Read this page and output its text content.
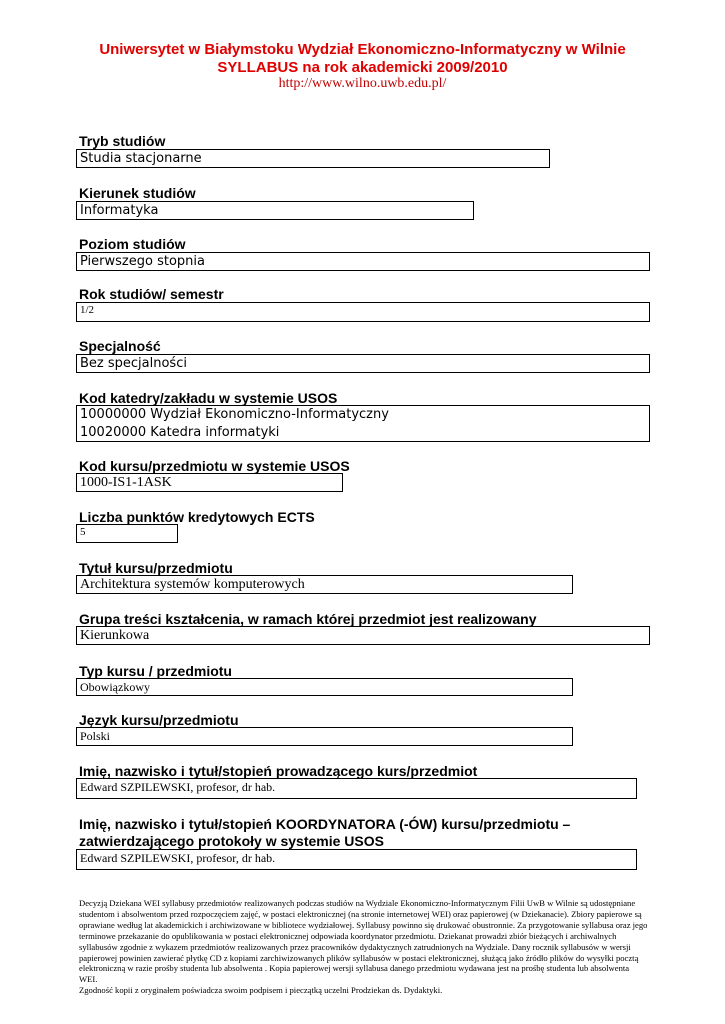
Uniwersytet w Białymstoku Wydział Ekonomiczno-Informatyczny w Wilnie
SYLLABUS na rok akademicki 2009/2010
http://www.wilno.uwb.edu.pl/
Tryb studiów
Studia stacjonarne
Kierunek studiów
Informatyka
Poziom studiów
Pierwszego stopnia
Rok studiów/ semestr
1/2
Specjalność
Bez specjalności
Kod katedry/zakładu w systemie USOS
10000000 Wydział Ekonomiczno-Informatyczny
10020000 Katedra informatyki
Kod kursu/przedmiotu w systemie USOS
1000-IS1-1ASK
Liczba punktów kredytowych ECTS
5
Tytuł kursu/przedmiotu
Architektura systemów komputerowych
Grupa treści kształcenia, w ramach której przedmiot jest realizowany
Kierunkowa
Typ kursu / przedmiotu
Obowiązkowy
Język kursu/przedmiotu
Polski
Imię, nazwisko i tytuł/stopień prowadzącego kurs/przedmiot
Edward SZPILEWSKI, profesor, dr hab.
Imię, nazwisko i tytuł/stopień KOORDYNATORA (-ÓW) kursu/przedmiotu –
zatwierdzającego protokoły w systemie USOS
Edward SZPILEWSKI, profesor, dr hab.
Decyzją Dziekana WEI syllabusy przedmiotów realizowanych podczas studiów na Wydziale Ekonomiczno-Informatycznym Filii UwB w Wilnie są udostępniane
studentom i absolwentom przed rozpoczęciem zajęć, w postaci elektronicznej (na stronie internetowej WEI) oraz papierowej (w Dziekanacie). Zbiory papierowe są
oprawiane według lat akademickich i archiwizowane w bibliotece wydziałowej. Syllabusy powinno się drukować obustronnie. Za przygotowanie syllabusa oraz jego
terminowe przekazanie do opublikowania w postaci elektronicznej odpowiada koordynator przedmiotu. Dziekanat prowadzi zbiór bieżących i archiwalnych
syllabusów zgodnie z wykazem przedmiotów realizowanych przez pracowników dydaktycznych zatrudnionych na Wydziale. Dany rocznik syllabusów w wersji
papierowej powinien zawierać płytkę CD z kopiami zarchiwizowanych plików syllabusów w postaci elektronicznej, służącą jako źródło plików do wysyłki pocztą
elektroniczną w razie prośby studenta lub absolwenta . Kopia papierowej wersji syllabusa danego przedmiotu wydawana jest na prośbę studenta lub absolwenta WEI.
Zgodność kopii z oryginałem poświadcza swoim podpisem i pieczątką uczelni Prodziekan ds. Dydaktyki.
